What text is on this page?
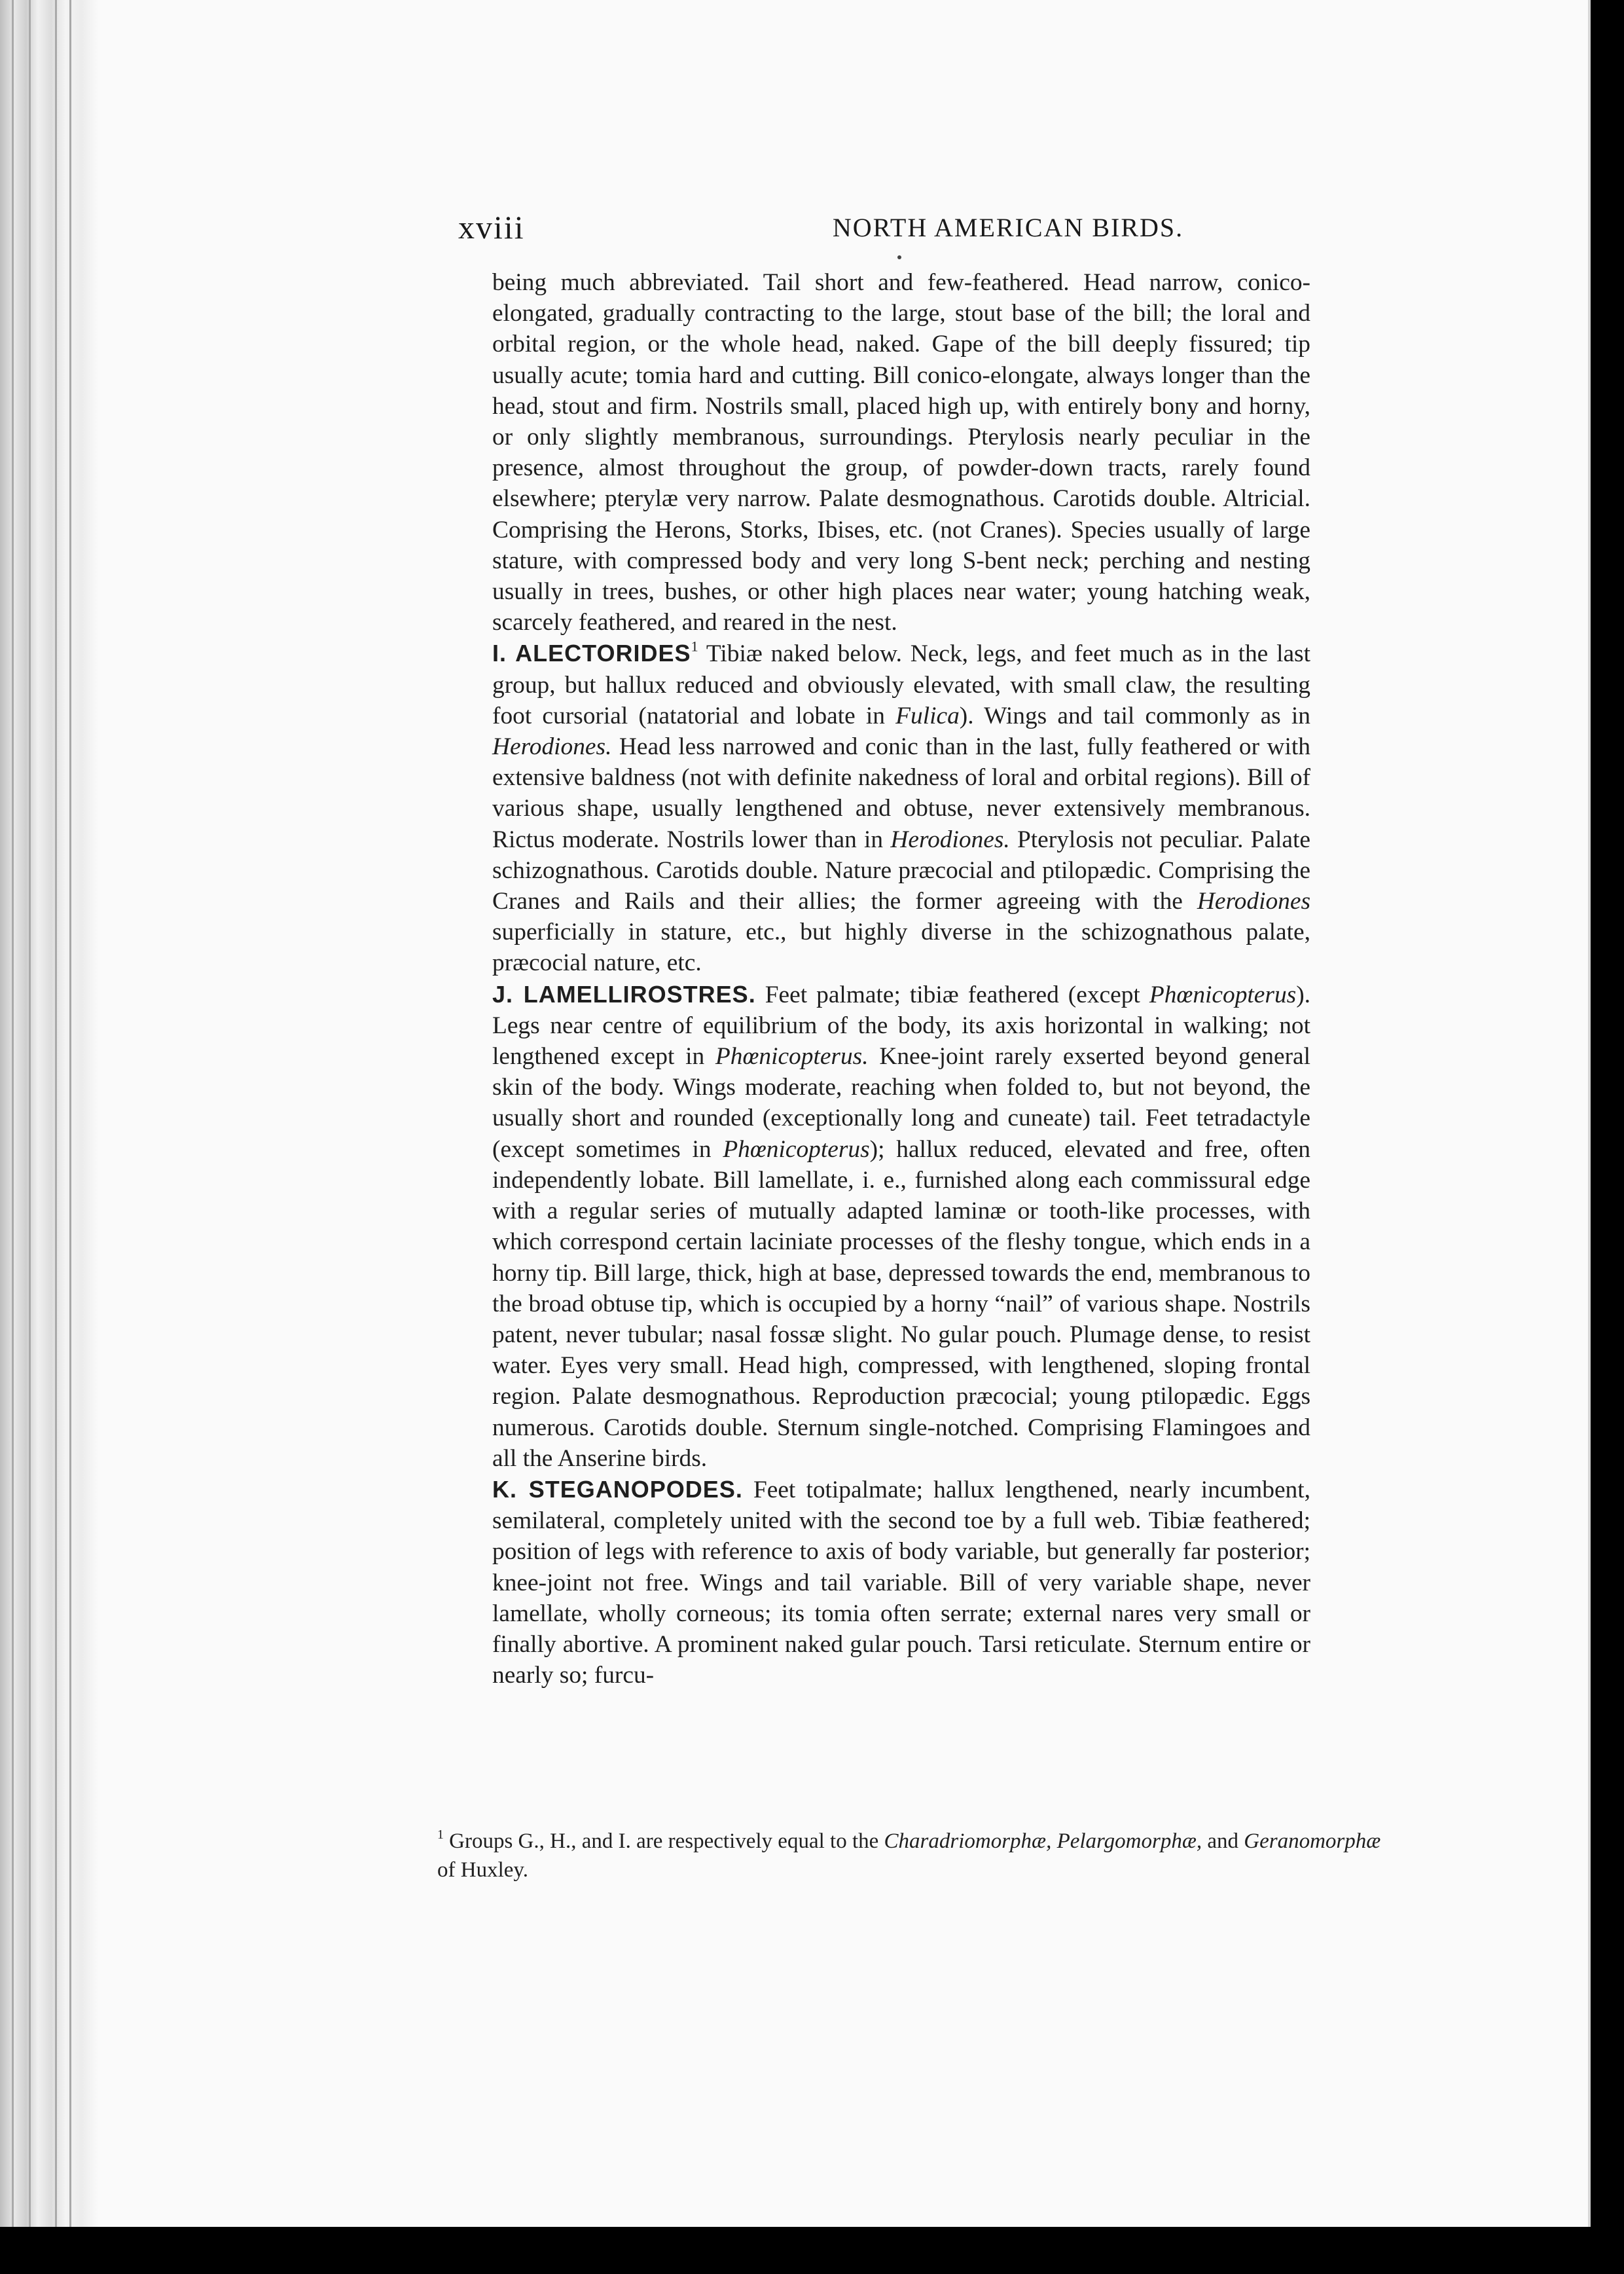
xviii	NORTH AMERICAN BIRDS.

being much abbreviated. Tail short and few-feathered. Head narrow, conico-elongated, gradually contracting to the large, stout base of the bill; the loral and orbital region, or the whole head, naked. Gape of the bill deeply fissured; tip usually acute; tomia hard and cutting. Bill conico-elongate, always longer than the head, stout and firm. Nostrils small, placed high up, with entirely bony and horny, or only slightly membranous, surroundings. Pterylosis nearly peculiar in the presence, almost throughout the group, of powder-down tracts, rarely found elsewhere; pterylæ very narrow. Palate desmognathous. Carotids double. Altricial. Comprising the Herons, Storks, Ibises, etc. (not Cranes). Species usually of large stature, with compressed body and very long S-bent neck; perching and nesting usually in trees, bushes, or other high places near water; young hatching weak, scarcely feathered, and reared in the nest.

I. ALECTORIDES$^1$ Tibiæ naked below. Neck, legs, and feet much as in the last group, but hallux reduced and obviously elevated, with small claw, the resulting foot cursorial (natatorial and lobate in Fulica). Wings and tail commonly as in Herodiones. Head less narrowed and conic than in the last, fully feathered or with extensive baldness (not with definite nakedness of loral and orbital regions). Bill of various shape, usually lengthened and obtuse, never extensively membranous. Rictus moderate. Nostrils lower than in Herodiones. Pterylosis not peculiar. Palate schizognathous. Carotids double. Nature præcocial and ptilopædic. Comprising the Cranes and Rails and their allies; the former agreeing with the Herodiones superficially in stature, etc., but highly diverse in the schizognathous palate, præcocial nature, etc.

J. LAMELLIROSTRES. Feet palmate; tibiæ feathered (except Phœnicopterus). Legs near centre of equilibrium of the body, its axis horizontal in walking; not lengthened except in Phœnicopterus. Knee-joint rarely exserted beyond general skin of the body. Wings moderate, reaching when folded to, but not beyond, the usually short and rounded (exceptionally long and cuneate) tail. Feet tetradactyle (except sometimes in Phœnicopterus); hallux reduced, elevated and free, often independently lobate. Bill lamellate, i. e., furnished along each commissural edge with a regular series of mutually adapted laminæ or tooth-like processes, with which correspond certain laciniate processes of the fleshy tongue, which ends in a horny tip. Bill large, thick, high at base, depressed towards the end, membranous to the broad obtuse tip, which is occupied by a horny “nail” of various shape. Nostrils patent, never tubular; nasal fossæ slight. No gular pouch. Plumage dense, to resist water. Eyes very small. Head high, compressed, with lengthened, sloping frontal region. Palate desmognathous. Reproduction præcocial; young ptilopædic. Eggs numerous. Carotids double. Sternum single-notched. Comprising Flamingoes and all the Anserine birds.

K. STEGANOPODES. Feet totipalmate; hallux lengthened, nearly incumbent, semilateral, completely united with the second toe by a full web. Tibiæ feathered; position of legs with reference to axis of body variable, but generally far posterior; knee-joint not free. Wings and tail variable. Bill of very variable shape, never lamellate, wholly corneous; its tomia often serrate; external nares very small or finally abortive. A prominent naked gular pouch. Tarsi reticulate. Sternum entire or nearly so; furcu-

$^1$ Groups G., H., and I. are respectively equal to the Charadriomorphæ, Pelargomorphæ, and Geranomorphæ of Huxley.
